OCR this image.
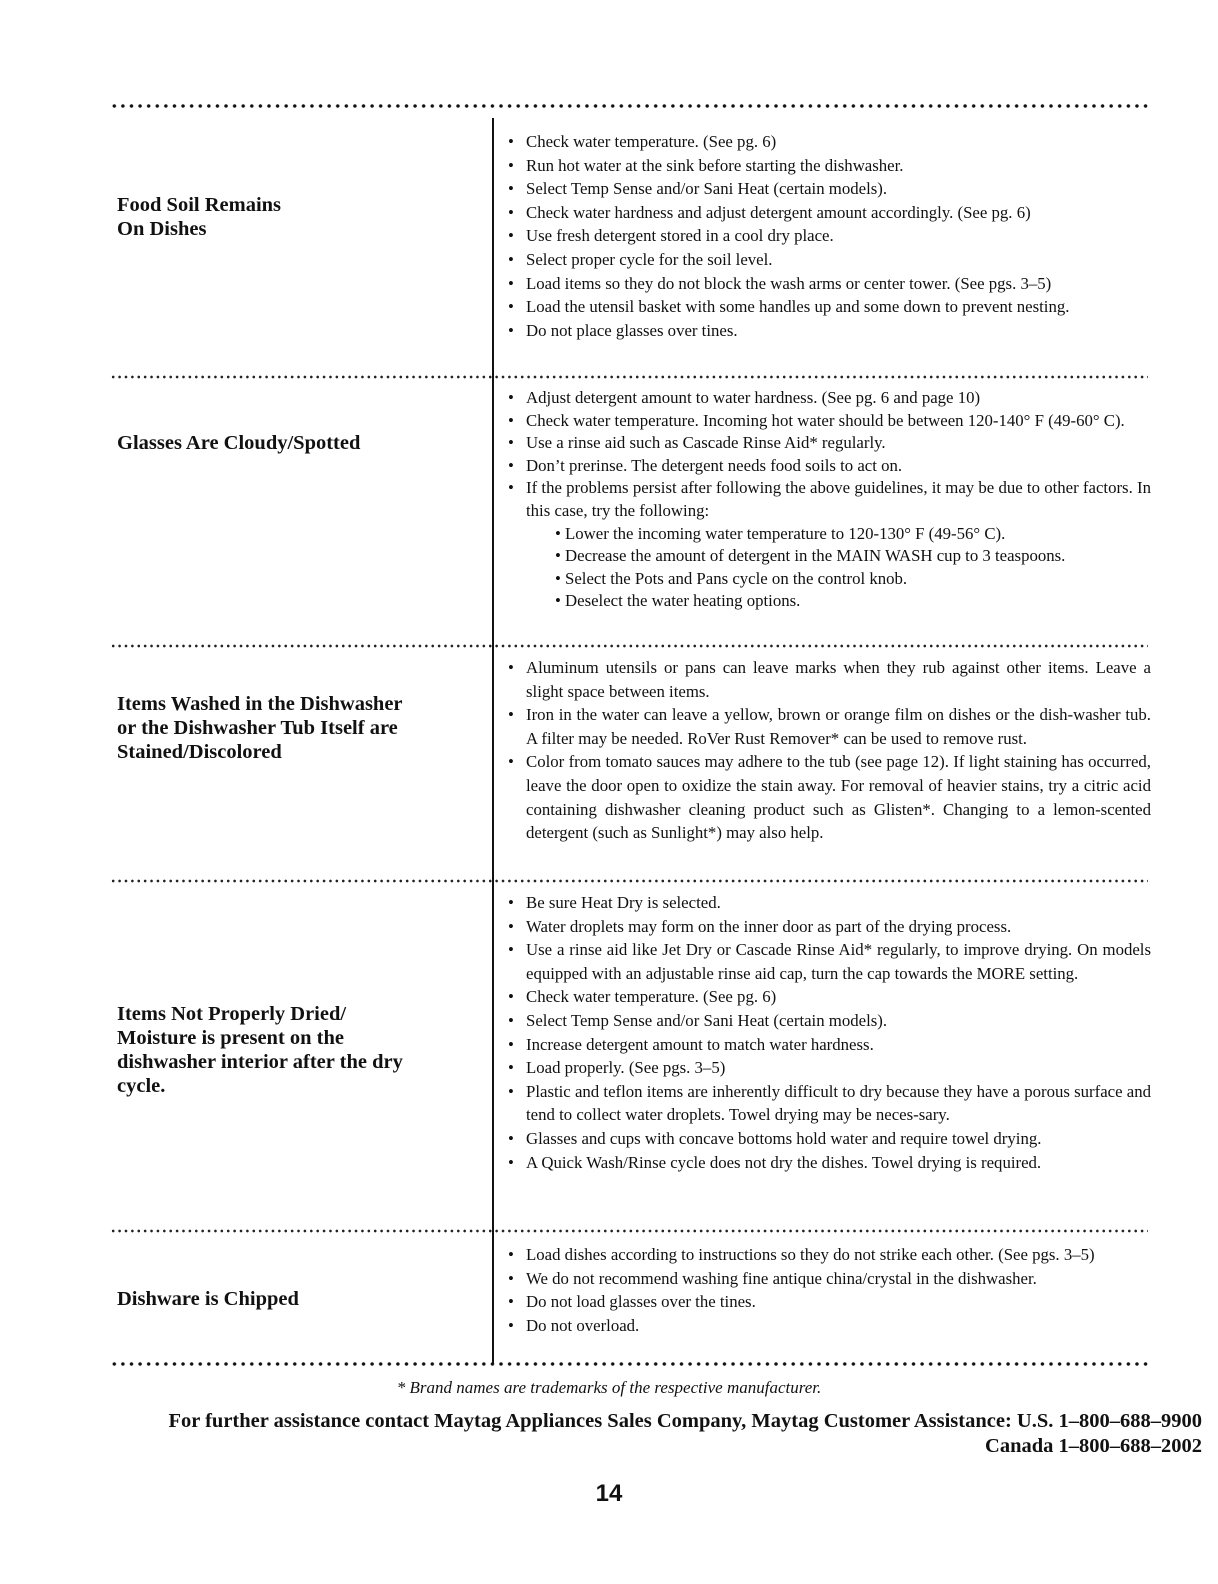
Food Soil Remains
On Dishes
• Check water temperature. (See pg. 6)
• Run hot water at the sink before starting the dishwasher.
• Select Temp Sense and/or Sani Heat (certain models).
• Check water hardness and adjust detergent amount accordingly. (See pg. 6)
• Use fresh detergent stored in a cool dry place.
• Select proper cycle for the soil level.
• Load items so they do not block the wash arms or center tower. (See pgs. 3–5)
• Load the utensil basket with some handles up and some down to prevent nesting.
• Do not place glasses over tines.
Glasses Are Cloudy/Spotted
• Adjust detergent amount to water hardness. (See pg. 6 and page 10)
• Check water temperature. Incoming hot water should be between 120-140° F (49-60° C).
• Use a rinse aid such as Cascade Rinse Aid* regularly.
• Don’t prerinse. The detergent needs food soils to act on.
• If the problems persist after following the above guidelines, it may be due to other factors. In this case, try the following:
• Lower the incoming water temperature to 120-130° F (49-56° C).
• Decrease the amount of detergent in the MAIN WASH cup to 3 teaspoons.
• Select the Pots and Pans cycle on the control knob.
• Deselect the water heating options.
Items Washed in the Dishwasher
or the Dishwasher Tub Itself are
Stained/Discolored
• Aluminum utensils or pans can leave marks when they rub against other items. Leave a slight space between items.
• Iron in the water can leave a yellow, brown or orange film on dishes or the dish-washer tub. A filter may be needed. RoVer Rust Remover* can be used to remove rust.
• Color from tomato sauces may adhere to the tub (see page 12). If light staining has occurred, leave the door open to oxidize the stain away. For removal of heavier stains, try a citric acid containing dishwasher cleaning product such as Glisten*. Changing to a lemon-scented detergent (such as Sunlight*) may also help.
Items Not Properly Dried/
Moisture is present on the
dishwasher interior after the dry
cycle.
• Be sure Heat Dry is selected.
• Water droplets may form on the inner door as part of the drying process.
• Use a rinse aid like Jet Dry or Cascade Rinse Aid* regularly, to improve drying. On models equipped with an adjustable rinse aid cap, turn the cap towards the MORE setting.
• Check water temperature. (See pg. 6)
• Select Temp Sense and/or Sani Heat (certain models).
• Increase detergent amount to match water hardness.
• Load properly. (See pgs. 3–5)
• Plastic and teflon items are inherently difficult to dry because they have a porous surface and tend to collect water droplets. Towel drying may be neces-sary.
• Glasses and cups with concave bottoms hold water and require towel drying.
• A Quick Wash/Rinse cycle does not dry the dishes. Towel drying is required.
Dishware is Chipped
• Load dishes according to instructions so they do not strike each other. (See pgs. 3–5)
• We do not recommend washing fine antique china/crystal in the dishwasher.
• Do not load glasses over the tines.
• Do not overload.
* Brand names are trademarks of the respective manufacturer.
For further assistance contact Maytag Appliances Sales Company, Maytag Customer Assistance: U.S. 1–800–688–9900
Canada 1–800–688–2002
14
